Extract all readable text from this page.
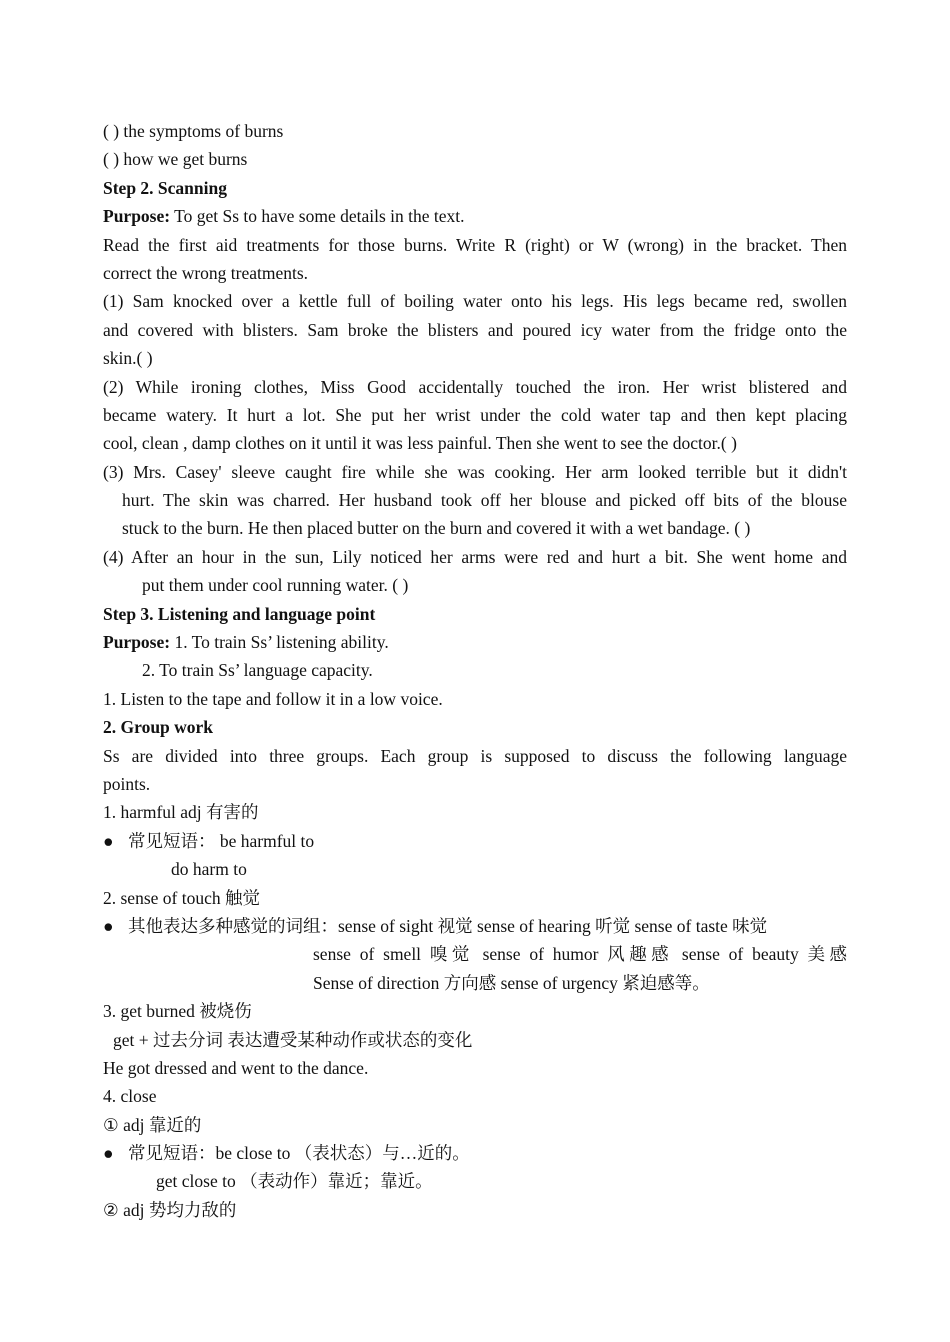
( ) the symptoms of burns
( ) how we get burns
Step 2. Scanning
Purpose: To get Ss to have some details in the text.
Read the first aid treatments for those burns. Write R (right) or W (wrong) in the bracket. Then
correct the wrong treatments.
(1) Sam knocked over a kettle full of boiling water onto his legs. His legs became red, swollen
and covered with blisters. Sam broke the blisters and poured icy water from the fridge onto the
skin.( )
(2) While ironing clothes, Miss Good accidentally touched the iron. Her wrist blistered and
became watery. It hurt a lot. She put her wrist under the cold water tap and then kept placing
cool, clean , damp clothes on it until it was less painful. Then she went to see the doctor.( )
(3) Mrs. Casey' sleeve caught fire while she was cooking. Her arm looked terrible but it didn't
hurt. The skin was charred. Her husband took off her blouse and picked off bits of the blouse
stuck to the burn. He then placed butter on the burn and covered it with a wet bandage. ( )
(4) After an hour in the sun, Lily noticed her arms were red and hurt a bit. She went home and
put them under cool running water. ( )
Step 3. Listening and language point
Purpose: 1. To train Ss’ listening ability.
2. To train Ss’ language capacity.
1. Listen to the tape and follow it in a low voice.
2. Group work
Ss are divided into three groups. Each group is supposed to discuss the following language
points.
1. harmful adj 有害的
● 常见短语： be harmful to
do harm to
2. sense of touch 触觉
● 其他表达多种感觉的词组：sense of sight 视觉 sense of hearing 听觉 sense of taste 味觉
sense of smell 嗅觉 sense of humor 风趣感 sense of beauty 美感
Sense of direction 方向感 sense of urgency 紧迫感等。
3. get burned 被烧伤
get + 过去分词 表达遭受某种动作或状态的变化
He got dressed and went to the dance.
4. close
① adj 靠近的
● 常见短语：be close to （表状态）与…近的。
get close to （表动作）靠近；靠近。
② adj 势均力敌的
